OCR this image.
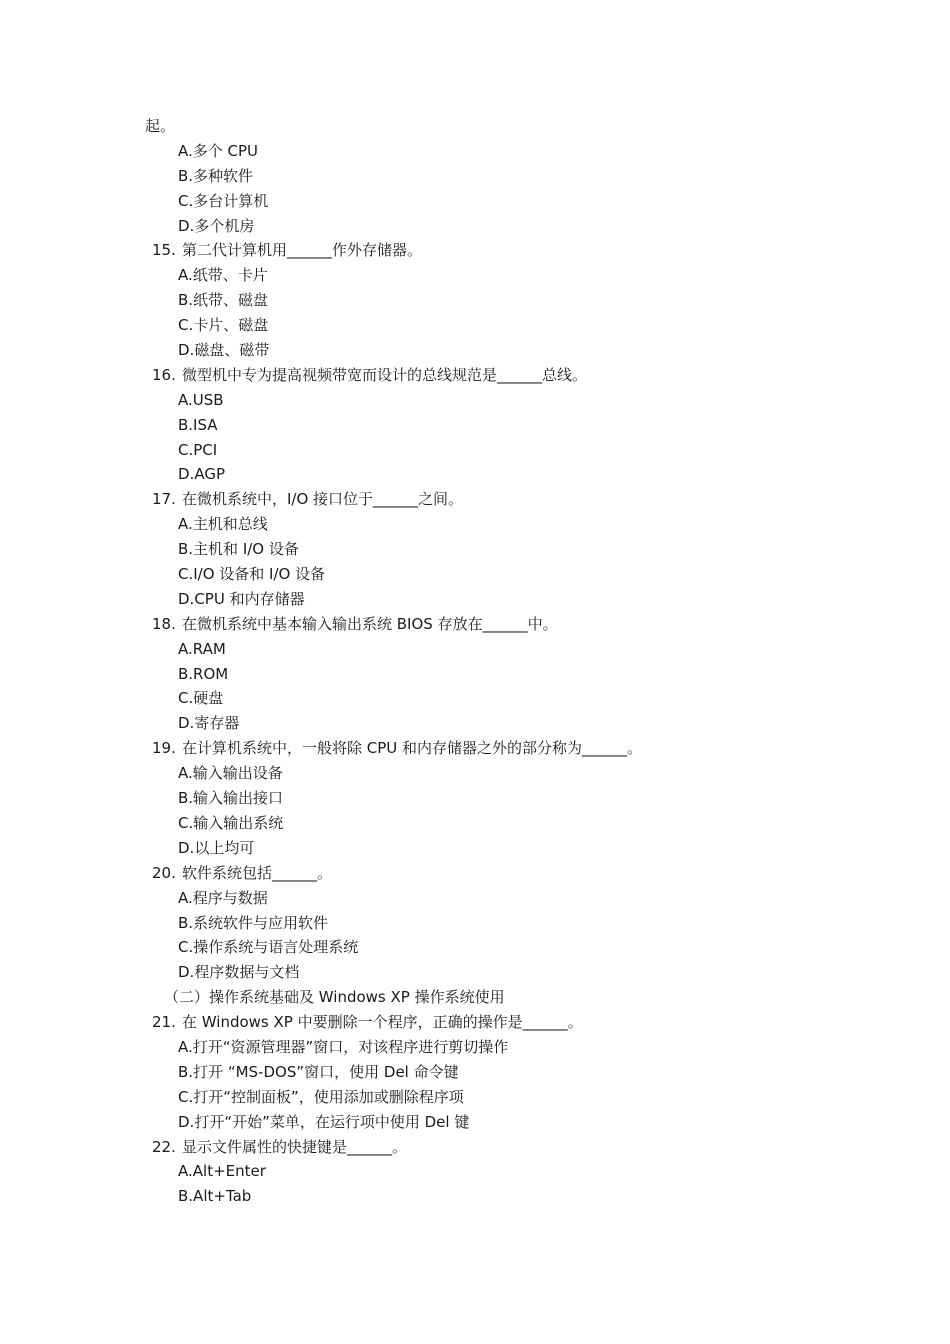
起。
A.多个 CPU
B.多种软件
C.多台计算机
D.多个机房
15. 第二代计算机用______作外存储器。
A.纸带、卡片
B.纸带、磁盘
C.卡片、磁盘
D.磁盘、磁带
16. 微型机中专为提高视频带宽而设计的总线规范是______总线。
A.USB
B.ISA
C.PCI
D.AGP
17. 在微机系统中，I/O 接口位于______之间。
A.主机和总线
B.主机和 I/O 设备
C.I/O 设备和 I/O 设备
D.CPU 和内存储器
18. 在微机系统中基本输入输出系统 BIOS 存放在______中。
A.RAM
B.ROM
C.硬盘
D.寄存器
19. 在计算机系统中，一般将除 CPU 和内存储器之外的部分称为______。
A.输入输出设备
B.输入输出接口
C.输入输出系统
D.以上均可
20. 软件系统包括______。
A.程序与数据
B.系统软件与应用软件
C.操作系统与语言处理系统
D.程序数据与文档
（二）操作系统基础及 Windows XP 操作系统使用
21. 在 Windows XP 中要删除一个程序，正确的操作是______。
A.打开“资源管理器”窗口，对该程序进行剪切操作
B.打开 “MS-DOS”窗口，使用 Del 命令键
C.打开“控制面板”，使用添加或删除程序项
D.打开“开始”菜单，在运行项中使用 Del 键
22. 显示文件属性的快捷键是______。
A.Alt+Enter
B.Alt+Tab
